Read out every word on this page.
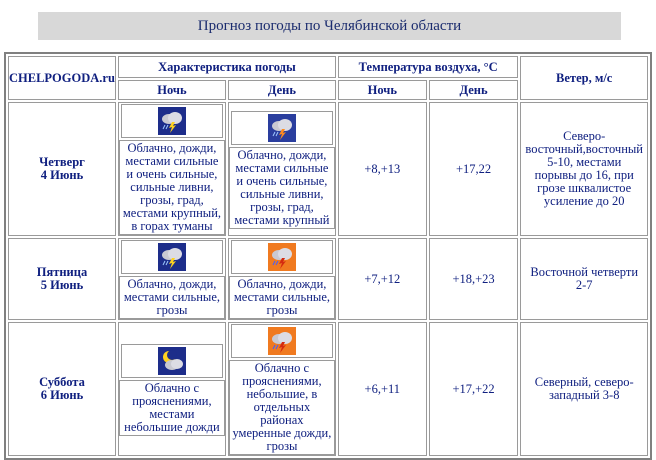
Прогноз погоды по Челябинской области
CHELPOGODA.ru	Характеристика погоды		Температура воздуха, °С		Ветер, м/с
	Ночь	День	Ночь	День	

Четверг
4 Июнь	Облачно, дожди, местами сильные и очень сильные, сильные ливни, грозы, град, местами крупный, в горах туманы	Облачно, дожди, местами сильные и очень сильные, сильные ливни, грозы, град, местами крупный	+8,+13	+17,22	Северо-восточный,восточный 5-10, местами порывы до 16, при грозе шквалистое усиление до 20

Пятница
5 Июнь	Облачно, дожди, местами сильные, грозы	Облачно, дожди, местами сильные, грозы	+7,+12	+18,+23	Восточной четверти 2-7

Суббота
6 Июнь	Облачно с прояснениями, местами небольшие дожди	Облачно с прояснениями, небольшие, в отдельных районах умеренные дожди, грозы	+6,+11	+17,+22	Северный, северо-западный 3-8
